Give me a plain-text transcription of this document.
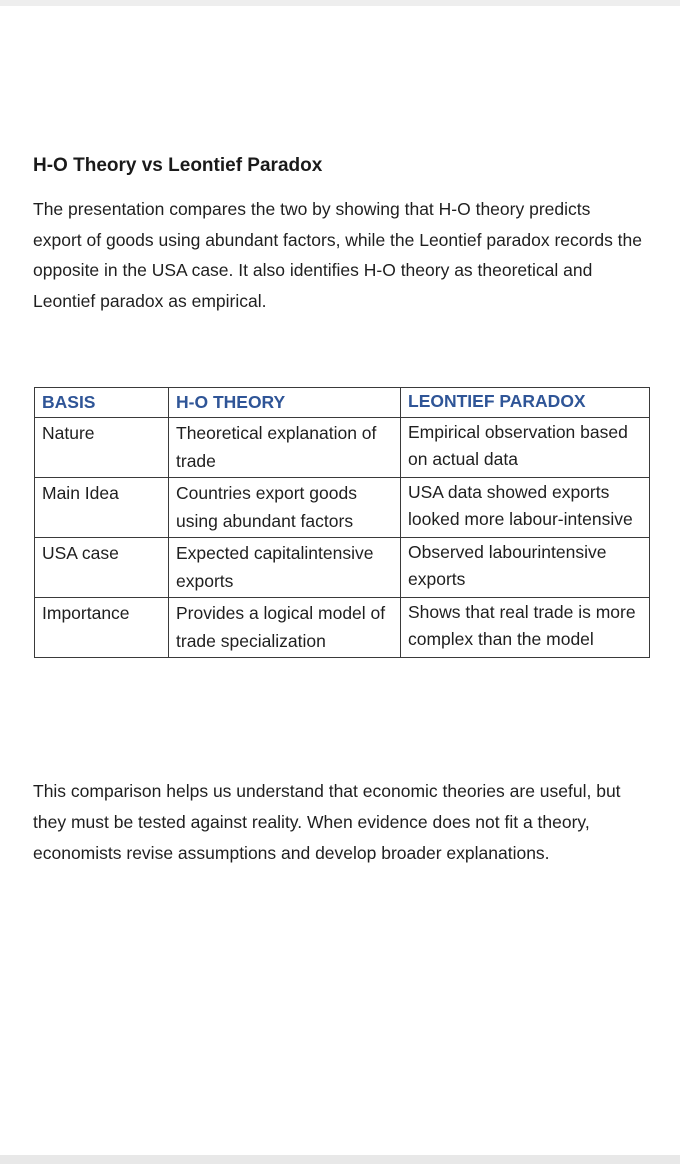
H-O Theory vs Leontief Paradox

The presentation compares the two by showing that H-O theory predicts export of goods using abundant factors, while the Leontief paradox records the opposite in the USA case. It also identifies H-O theory as theoretical and Leontief paradox as empirical.

BASIS	H-O THEORY	LEONTIEF PARADOX
Nature	Theoretical explanation of trade	Empirical observation based on actual data
Main Idea	Countries export goods using abundant factors	USA data showed exports looked more labour-intensive
USA case	Expected capitalintensive exports	Observed labourintensive exports
Importance	Provides a logical model of trade specialization	Shows that real trade is more complex than the model

This comparison helps us understand that economic theories are useful, but they must be tested against reality. When evidence does not fit a theory, economists revise assumptions and develop broader explanations.
